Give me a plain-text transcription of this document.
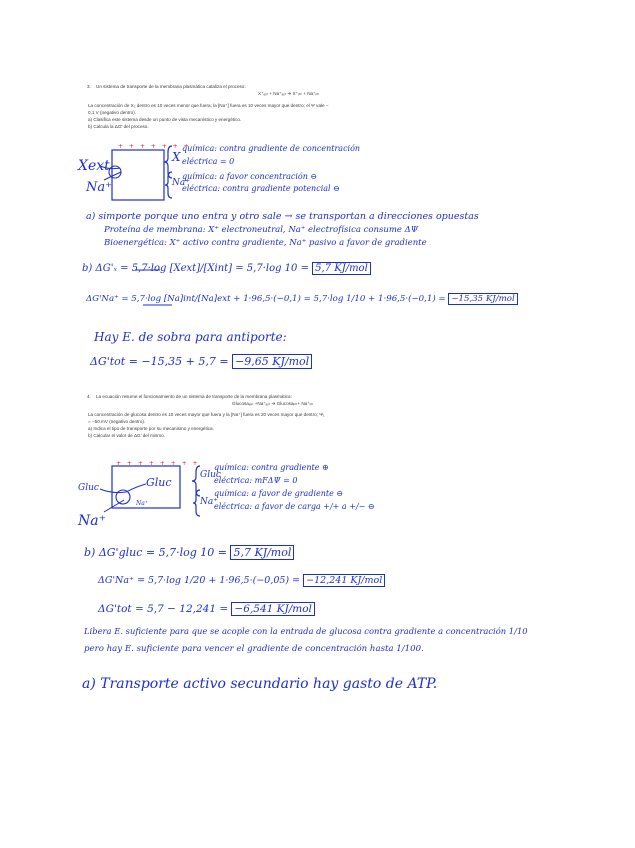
3. Un sistema de transporte de la membrana plasmática cataliza el proceso:
X⁺ₑₓₜ + Na⁺ₑₓₜ ➔ X⁺ᵢₙₜ + Na⁺ᵢₙₜ
La concentración de X₂ dentro es 10 veces menor que fuera; la [Na⁺] fuera es 10 veces mayor que dentro; el Ψ vale −
0,1 V (negativo dentro).
a) Clasifica este sistema desde un punto de vista mecanístico y energético.
b) Calcula la ΔG' del proceso.
+ + + + + + +
Xext
Na⁺
X
química: contra gradiente de concentración
eléctrica = 0
Na⁺
química: a favor concentración ⊖
eléctrica: contra gradiente potencial ⊖
a) simporte porque uno entra y otro sale → se transportan a direcciones opuestas
Proteína de membrana: X⁺ electroneutral, Na⁺ electrofísica consume ΔΨ
Bioenergética: X⁺ activo contra gradiente, Na⁺ pasivo a favor de gradiente
b) ΔG'ₓ = 5,7·log [Xext]/[Xint] = 5,7·log 10 = 5,7 KJ/mol
ΔG'Na⁺ = 5,7·log [Na]int/[Na]ext + 1·96,5·(−0,1) = 5,7·log 1/10 + 1·96,5·(−0,1) = −15,35 KJ/mol
Hay E. de sobra para antiporte:
ΔG'tot = −15,35 + 5,7 = −9,65 KJ/mol
4. La ecuación resume el funcionamiento de un sistema de transporte de la membrana plasmática:
Glucosaₑₓₜ +Na⁺ₑₓₜ ➔ Glucosaᵢₙₜ+ Na⁺ᵢₙₜ
La concentración de glucosa dentro es 10 veces mayor que fuera y la [Na⁺] fuera es 20 veces mayor que dentro; Ψ₁
= −50 mV (negativo dentro).
a) Indica el tipo de transporte por su mecanismo y energética.
b) Calcular el valor de ΔG' del mismo.
+ + + + + + + +
Gluc	Gluc
Na⁺
Na⁺
Gluc
química: contra gradiente ⊕
eléctrica: mFΔΨ = 0
Na⁺
química: a favor de gradiente ⊖
eléctrica: a favor de carga +/+ a +/− ⊖
b) ΔG'gluc = 5,7·log 10 = 5,7 KJ/mol
ΔG'Na⁺ = 5,7·log 1/20 + 1·96,5·(−0,05) = −12,241 KJ/mol
ΔG'tot = 5,7 − 12,241 = −6,541 KJ/mol
Libera E. suficiente para que se acople con la entrada de glucosa contra gradiente a concentración 1/10
pero hay E. suficiente para vencer el gradiente de concentración hasta 1/100.
a) Transporte activo secundario hay gasto de ATP.
